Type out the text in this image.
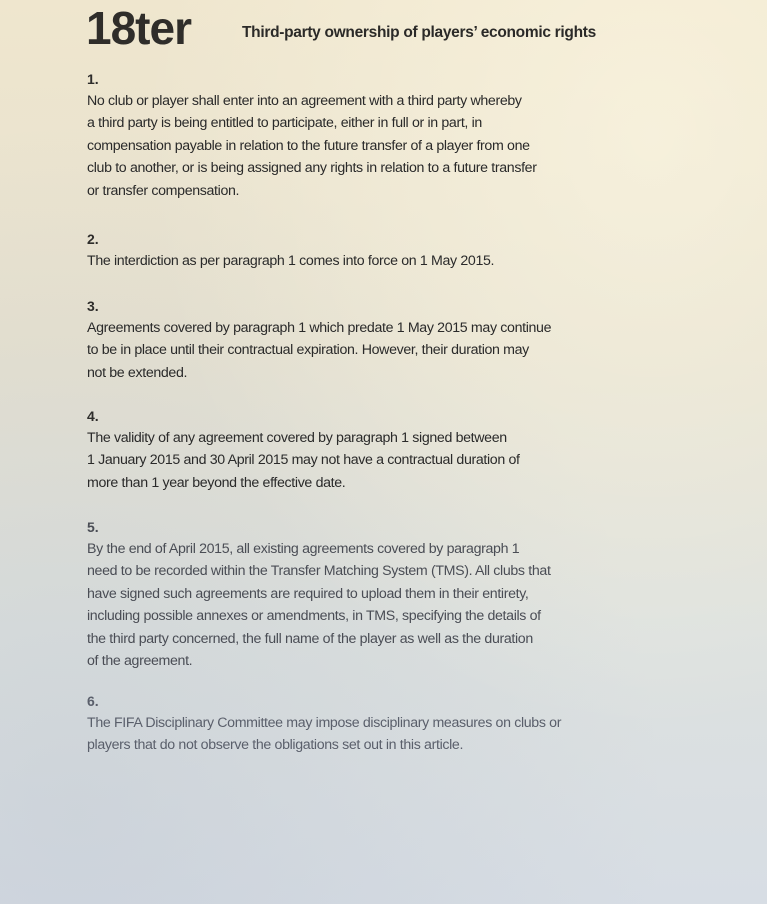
18ter	Third-party ownership of players’ economic rights
1.
No club or player shall enter into an agreement with a third party whereby
a third party is being entitled to participate, either in full or in part, in
compensation payable in relation to the future transfer of a player from one
club to another, or is being assigned any rights in relation to a future transfer
or transfer compensation.
2.
The interdiction as per paragraph 1 comes into force on 1 May 2015.
3.
Agreements covered by paragraph 1 which predate 1 May 2015 may continue
to be in place until their contractual expiration. However, their duration may
not be extended.
4.
The validity of any agreement covered by paragraph 1 signed between
1 January 2015 and 30 April 2015 may not have a contractual duration of
more than 1 year beyond the effective date.
5.
By the end of April 2015, all existing agreements covered by paragraph 1
need to be recorded within the Transfer Matching System (TMS). All clubs that
have signed such agreements are required to upload them in their entirety,
including possible annexes or amendments, in TMS, specifying the details of
the third party concerned, the full name of the player as well as the duration
of the agreement.
6.
The FIFA Disciplinary Committee may impose disciplinary measures on clubs or
players that do not observe the obligations set out in this article.
